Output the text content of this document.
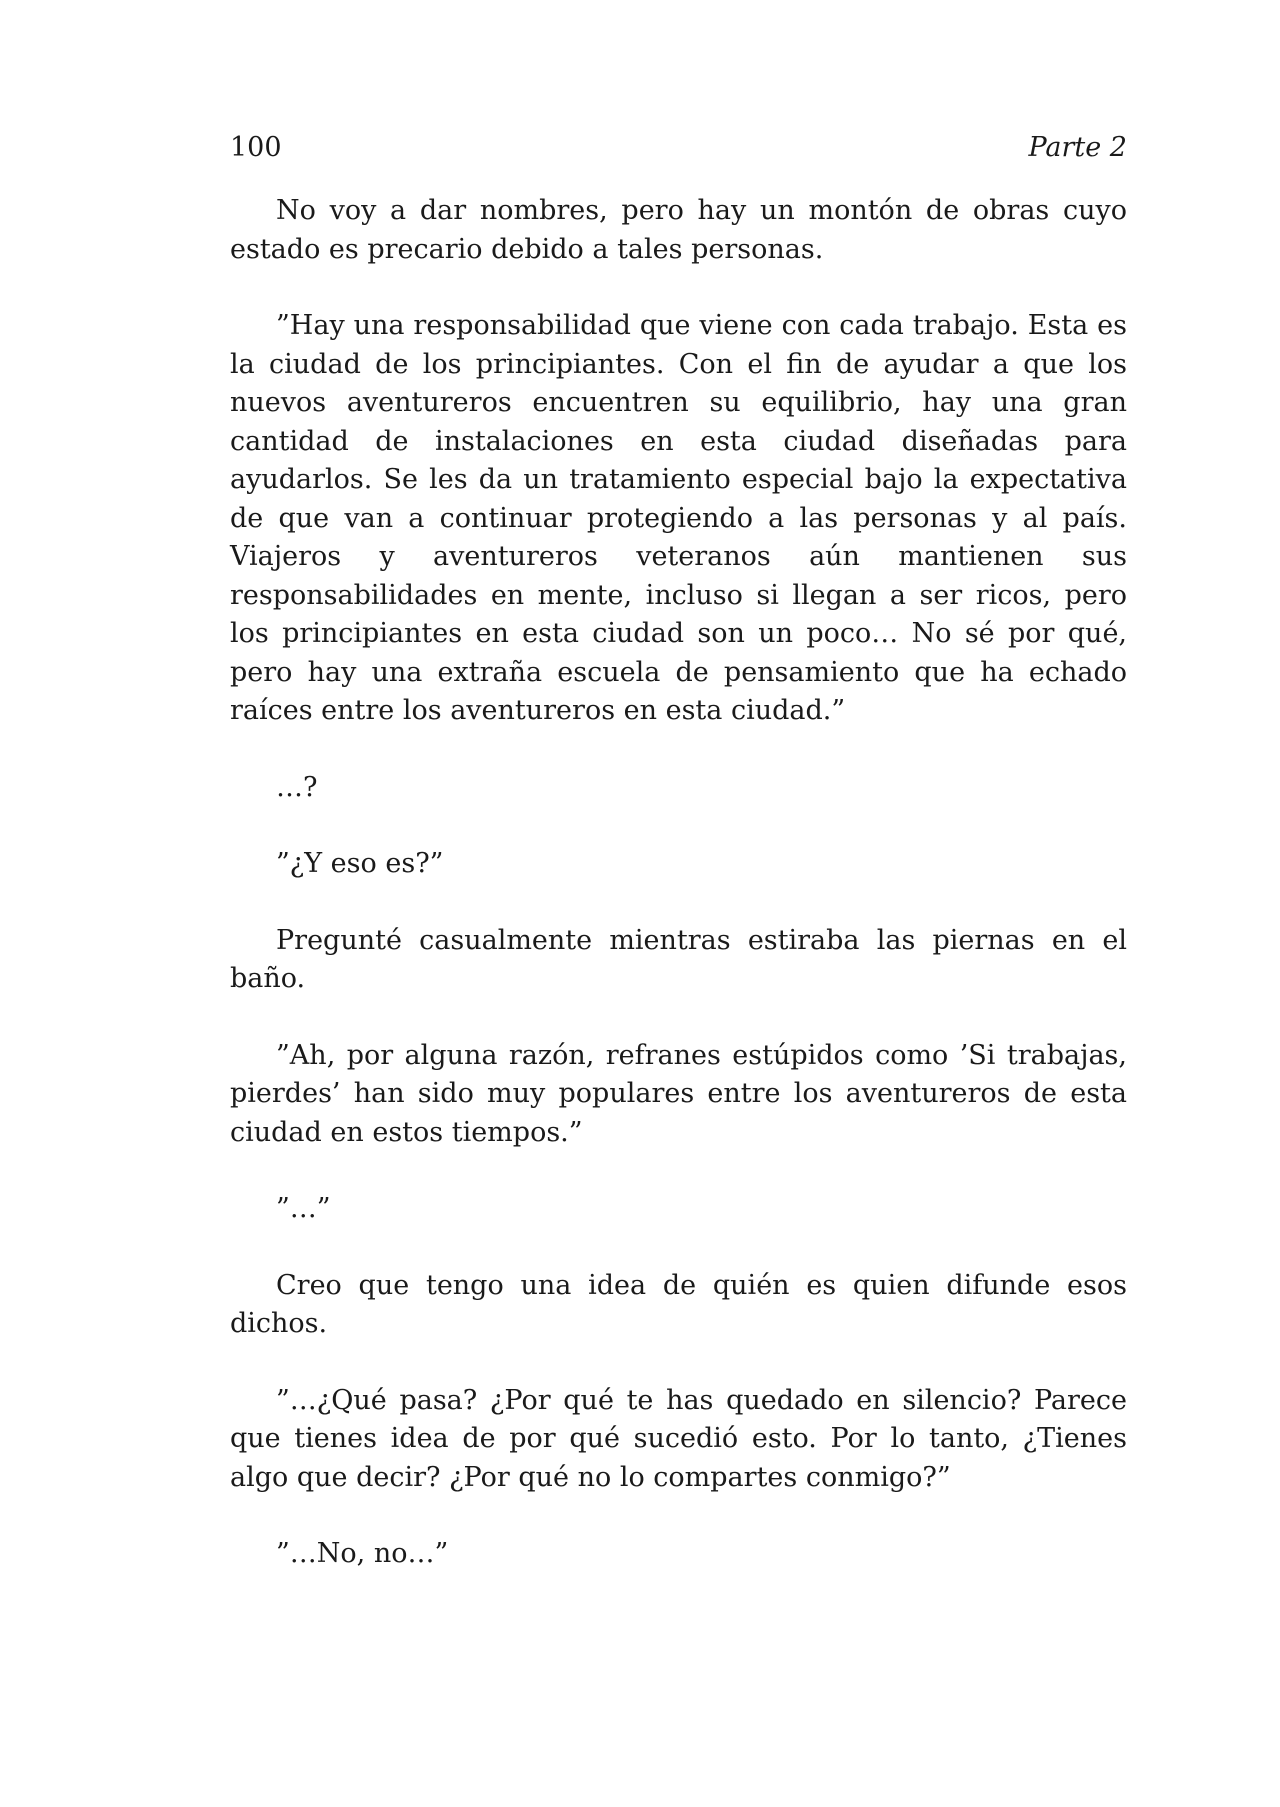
100	Parte 2

No voy a dar nombres, pero hay un montón de obras cuyo estado es precario debido a tales personas.

”Hay una responsabilidad que viene con cada trabajo. Esta es la ciudad de los principiantes. Con el fin de ayudar a que los nuevos aventureros encuentren su equilibrio, hay una gran cantidad de instalaciones en esta ciudad diseñadas para ayudarlos. Se les da un tratamiento especial bajo la expectativa de que van a continuar protegiendo a las personas y al país. Viajeros y aventureros veteranos aún mantienen sus responsabilidades en mente, incluso si llegan a ser ricos, pero los principiantes en esta ciudad son un poco… No sé por qué, pero hay una extraña escuela de pensamiento que ha echado raíces entre los aventureros en esta ciudad.”

…?

”¿Y eso es?”

Pregunté casualmente mientras estiraba las piernas en el baño.

”Ah, por alguna razón, refranes estúpidos como ’Si trabajas, pierdes’ han sido muy populares entre los aventureros de esta ciudad en estos tiempos.”

”…”

Creo que tengo una idea de quién es quien difunde esos dichos.

”…¿Qué pasa? ¿Por qué te has quedado en silencio? Parece que tienes idea de por qué sucedió esto. Por lo tanto, ¿Tienes algo que decir? ¿Por qué no lo compartes conmigo?”

”…No, no…”
